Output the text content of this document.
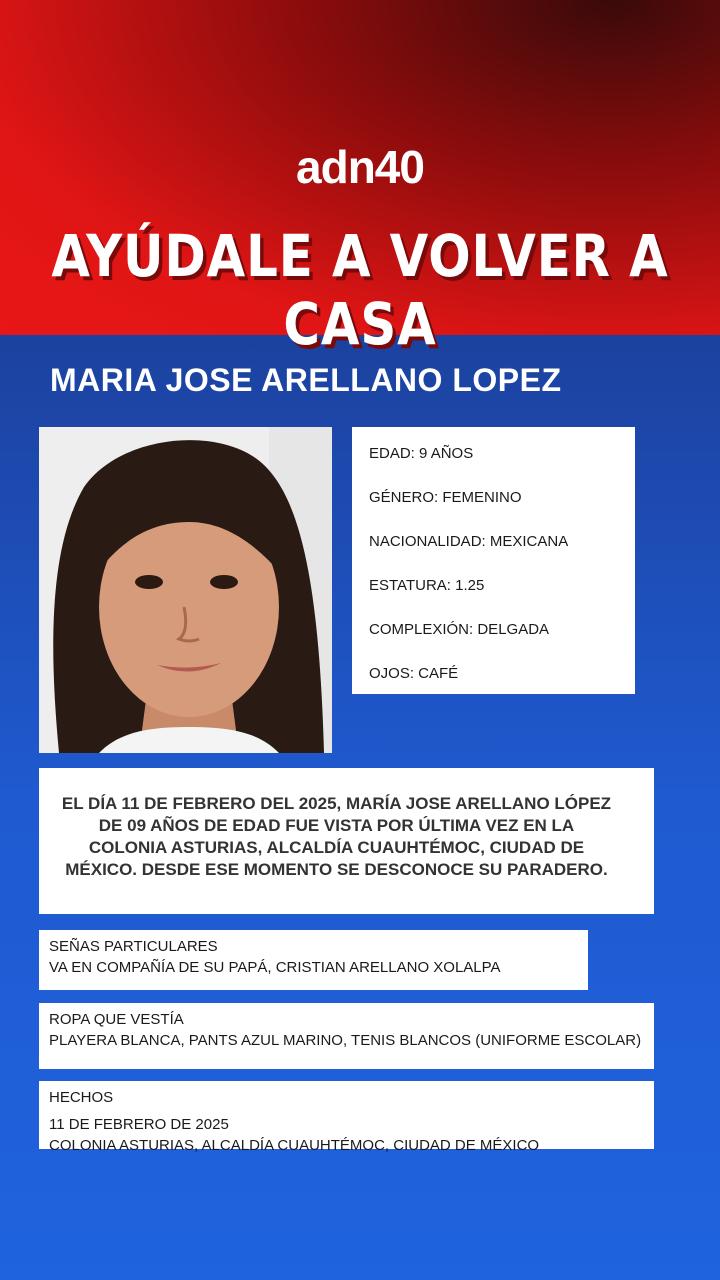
adn40
AYÚDALE A VOLVER A CASA
MARIA JOSE ARELLANO LOPEZ
EDAD: 9 AÑOS
GÉNERO: FEMENINO
NACIONALIDAD: MEXICANA
ESTATURA: 1.25
COMPLEXIÓN: DELGADA
OJOS: CAFÉ
EL DÍA 11 DE FEBRERO DEL 2025, MARÍA JOSE ARELLANO LÓPEZ DE 09 AÑOS DE EDAD FUE VISTA POR ÚLTIMA VEZ EN LA COLONIA ASTURIAS, ALCALDÍA CUAUHTÉMOC, CIUDAD DE MÉXICO. DESDE ESE MOMENTO SE DESCONOCE SU PARADERO.
SEÑAS PARTICULARES
VA EN COMPAÑÍA DE SU PAPÁ, CRISTIAN ARELLANO XOLALPA
ROPA QUE VESTÍA
PLAYERA BLANCA, PANTS AZUL MARINO, TENIS BLANCOS (UNIFORME ESCOLAR)
HECHOS
11 DE FEBRERO DE 2025
COLONIA ASTURIAS, ALCALDÍA CUAUHTÉMOC, CIUDAD DE MÉXICO
